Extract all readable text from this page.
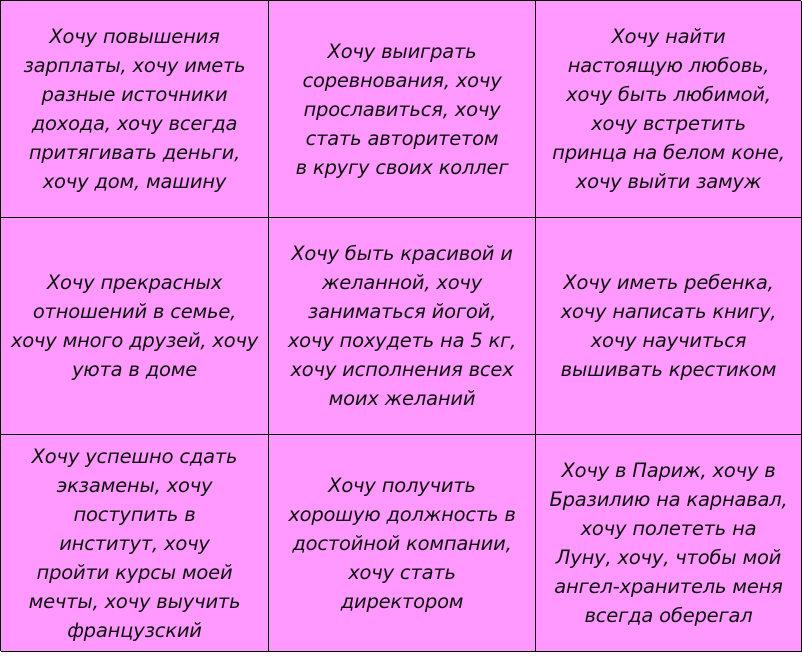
Хочу повышения
зарплаты, хочу иметь
разные источники
дохода, хочу всегда
притягивать деньги,
хочу дом, машину
Хочу выиграть
соревнования, хочу
прославиться, хочу
стать авторитетом
в кругу своих коллег
Хочу найти
настоящую любовь,
хочу быть любимой,
хочу встретить
принца на белом коне,
хочу выйти замуж
Хочу прекрасных
отношений в семье,
хочу много друзей, хочу
уюта в доме
Хочу быть красивой и
желанной, хочу
заниматься йогой,
хочу похудеть на 5 кг,
хочу исполнения всех
моих желаний
Хочу иметь ребенка,
хочу написать книгу,
хочу научиться
вышивать крестиком
Хочу успешно сдать
экзамены, хочу
поступить в
институт, хочу
пройти курсы моей
мечты, хочу выучить
французский
Хочу получить
хорошую должность в
достойной компании,
хочу стать
директором
Хочу в Париж, хочу в
Бразилию на карнавал,
хочу полететь на
Луну, хочу, чтобы мой
ангел-хранитель меня
всегда оберегал
